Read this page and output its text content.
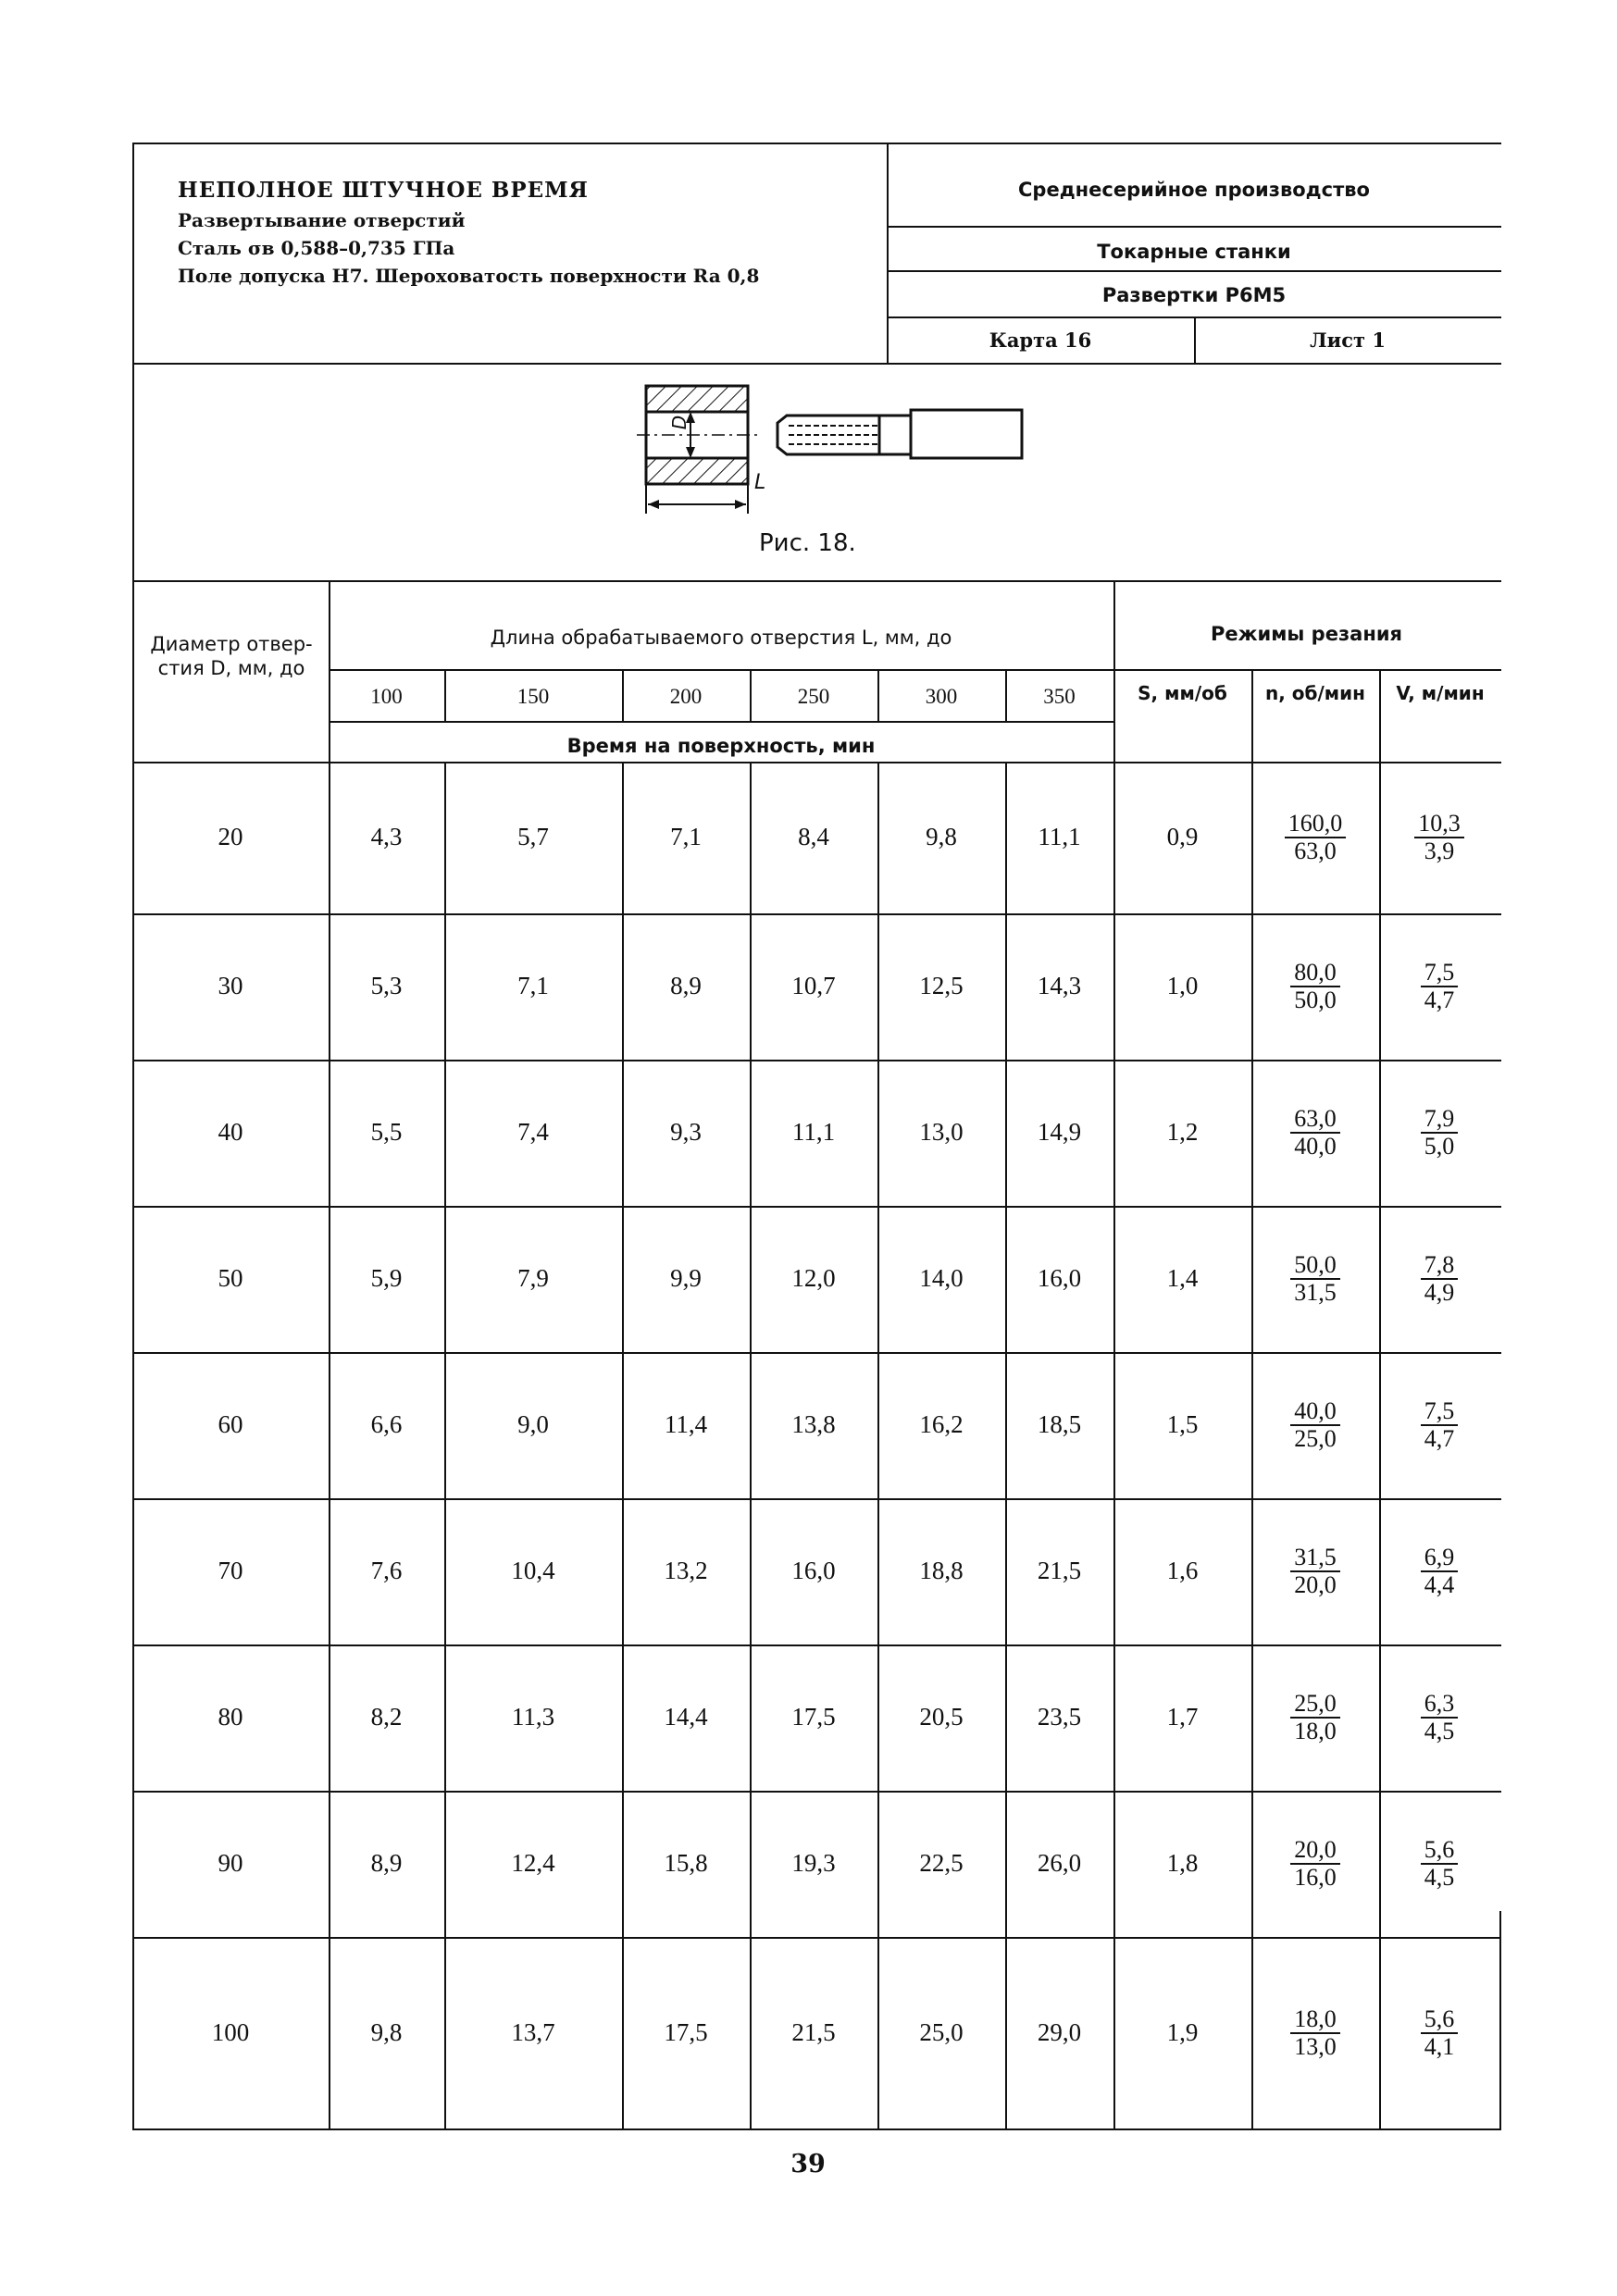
НЕПОЛНОЕ ШТУЧНОЕ ВРЕМЯ
Развертывание отверстий
Сталь σв 0,588–0,735 ГПа
Поле допуска Н7. Шероховатость поверхности Ra 0,8
Среднесерийное производство
Токарные станки
Развертки Р6М5
Карта 16	Лист 1
D
L
Рис. 18.
Диаметр отвер-стия D, мм, до
Длина обрабатываемого отверстия L, мм, до	Режимы резания
Время на поверхность, мин
100	150	200	250	300	350	S, мм/об	n, об/мин	V, м/мин
20	4,3	5,7	7,1	8,4	9,8	11,1	0,9	$\frac{160,0}{63,0}$	$\frac{10,3}{3,9}$
30	5,3	7,1	8,9	10,7	12,5	14,3	1,0	$\frac{80,0}{50,0}$	$\frac{7,5}{4,7}$
40	5,5	7,4	9,3	11,1	13,0	14,9	1,2	$\frac{63,0}{40,0}$	$\frac{7,9}{5,0}$
50	5,9	7,9	9,9	12,0	14,0	16,0	1,4	$\frac{50,0}{31,5}$	$\frac{7,8}{4,9}$
60	6,6	9,0	11,4	13,8	16,2	18,5	1,5	$\frac{40,0}{25,0}$	$\frac{7,5}{4,7}$
70	7,6	10,4	13,2	16,0	18,8	21,5	1,6	$\frac{31,5}{20,0}$	$\frac{6,9}{4,4}$
80	8,2	11,3	14,4	17,5	20,5	23,5	1,7	$\frac{25,0}{18,0}$	$\frac{6,3}{4,5}$
90	8,9	12,4	15,8	19,3	22,5	26,0	1,8	$\frac{20,0}{16,0}$	$\frac{5,6}{4,5}$
100	9,8	13,7	17,5	21,5	25,0	29,0	1,9	$\frac{18,0}{13,0}$	$\frac{5,6}{4,1}$
39
